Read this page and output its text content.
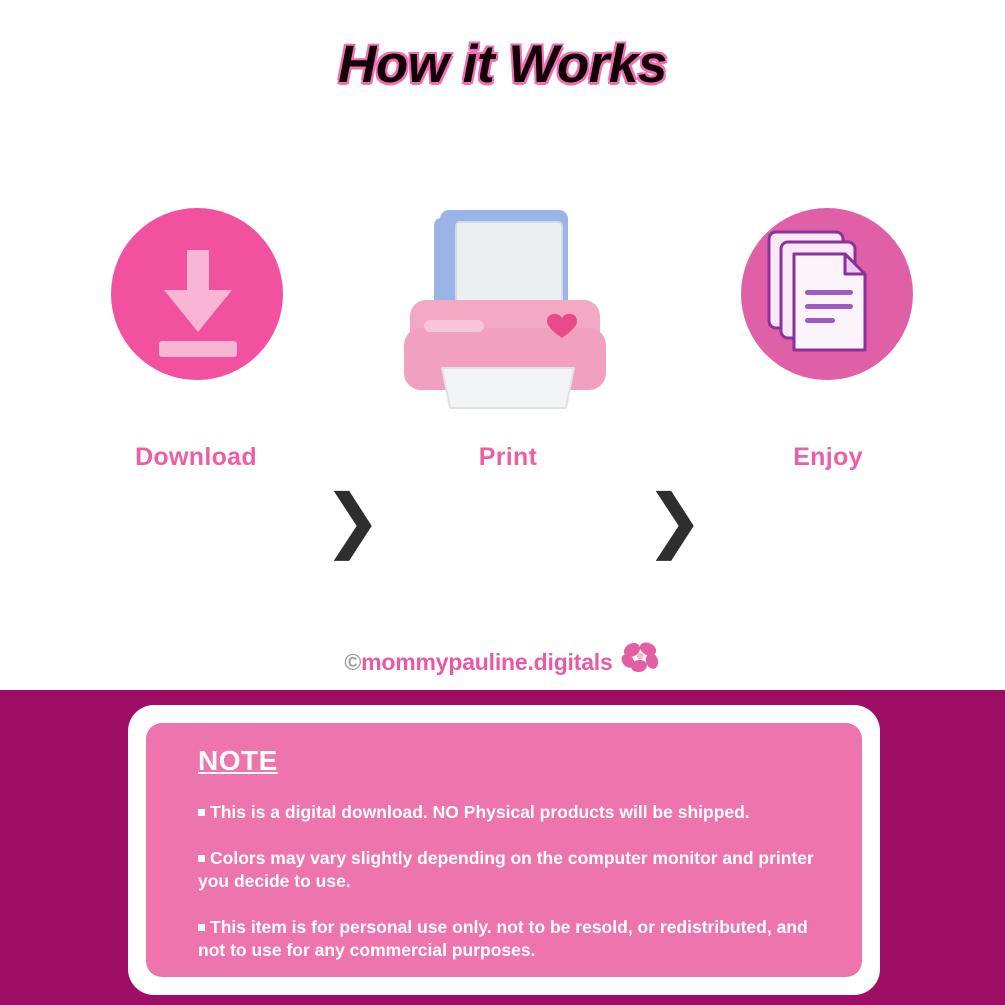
How it Works
Download
❯
Print
❯
Enjoy
©mommypauline.digitals
NOTE
This is a digital download. NO Physical products will be shipped.
Colors may vary slightly depending on the computer monitor and printer you decide to use.
This item is for personal use only. not to be resold, or redistributed, and not to use for any commercial purposes.
